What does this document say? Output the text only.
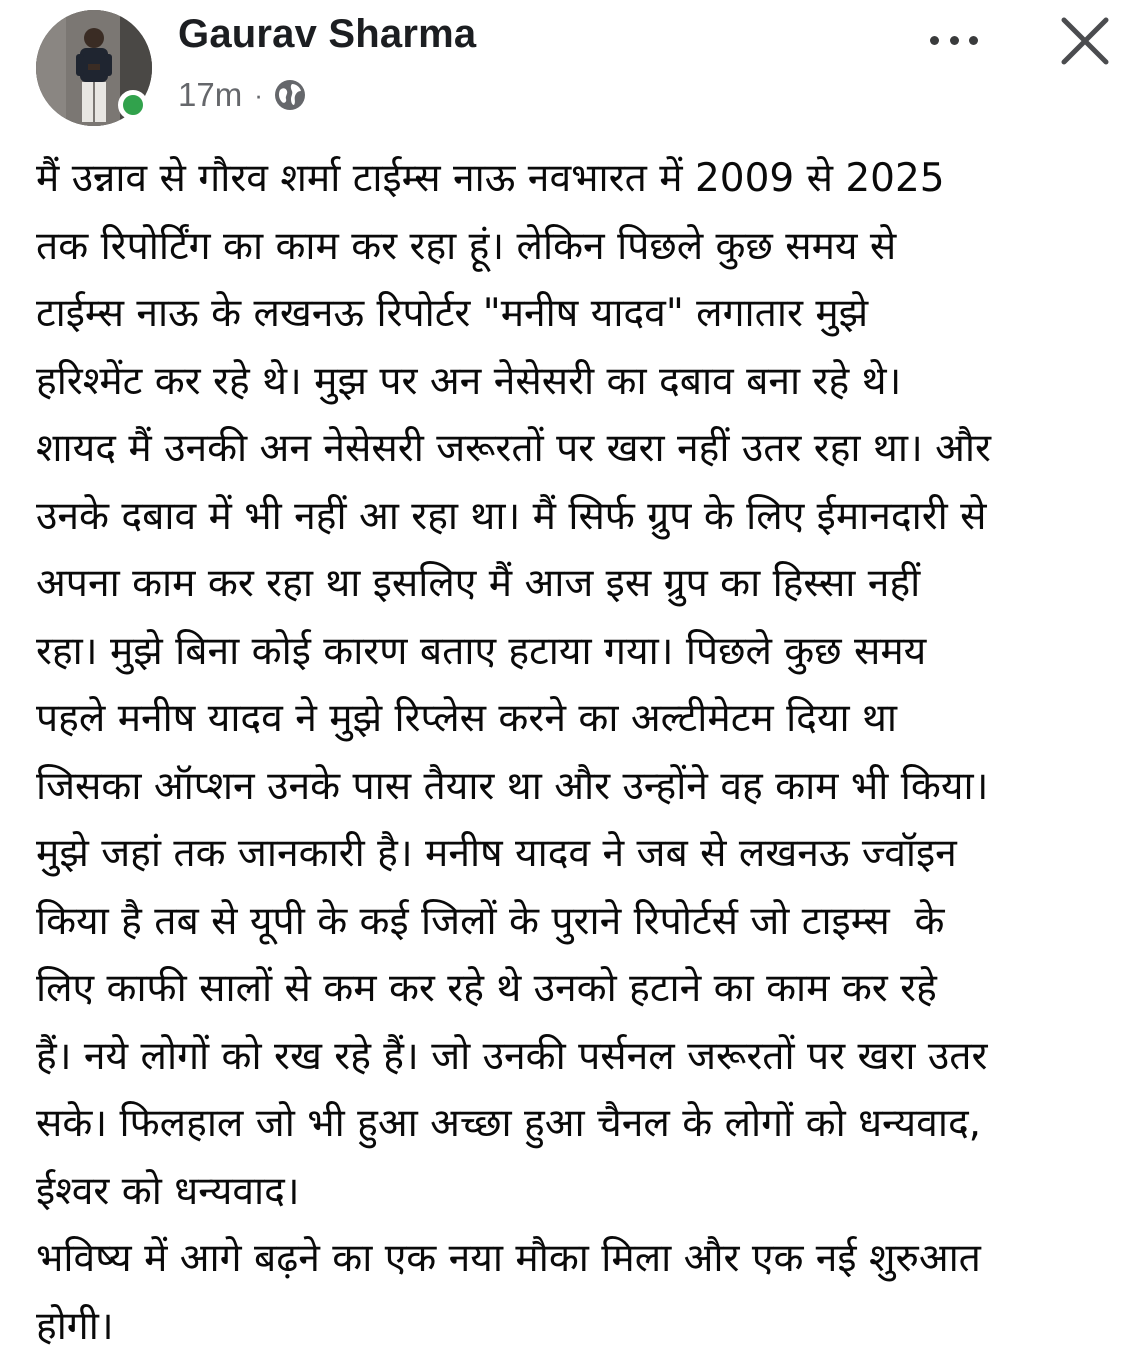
Gaurav Sharma
17m ·

मैं उन्नाव से गौरव शर्मा टाईम्स नाऊ नवभारत में 2009 से 2025
तक रिपोर्टिंग का काम कर रहा हूं। लेकिन पिछले कुछ समय से
टाईम्स नाऊ के लखनऊ रिपोर्टर "मनीष यादव" लगातार मुझे
हरिश्मेंट कर रहे थे। मुझ पर अन नेसेसरी का दबाव बना रहे थे।
शायद मैं उनकी अन नेसेसरी जरूरतों पर खरा नहीं उतर रहा था। और
उनके दबाव में भी नहीं आ रहा था। मैं सिर्फ ग्रुप के लिए ईमानदारी से
अपना काम कर रहा था इसलिए मैं आज इस ग्रुप का हिस्सा नहीं
रहा। मुझे बिना कोई कारण बताए हटाया गया। पिछले कुछ समय
पहले मनीष यादव ने मुझे रिप्लेस करने का अल्टीमेटम दिया था
जिसका ऑप्शन उनके पास तैयार था और उन्होंने वह काम भी किया।
मुझे जहां तक जानकारी है। मनीष यादव ने जब से लखनऊ ज्वॉइन
किया है तब से यूपी के कई जिलों के पुराने रिपोर्टर्स जो टाइम्स  के
लिए काफी सालों से कम कर रहे थे उनको हटाने का काम कर रहे
हैं। नये लोगों को रख रहे हैं। जो उनकी पर्सनल जरूरतों पर खरा उतर
सके। फिलहाल जो भी हुआ अच्छा हुआ चैनल के लोगों को धन्यवाद,
ईश्वर को धन्यवाद।
भविष्य में आगे बढ़ने का एक नया मौका मिला और एक नई शुरुआत
होगी।
